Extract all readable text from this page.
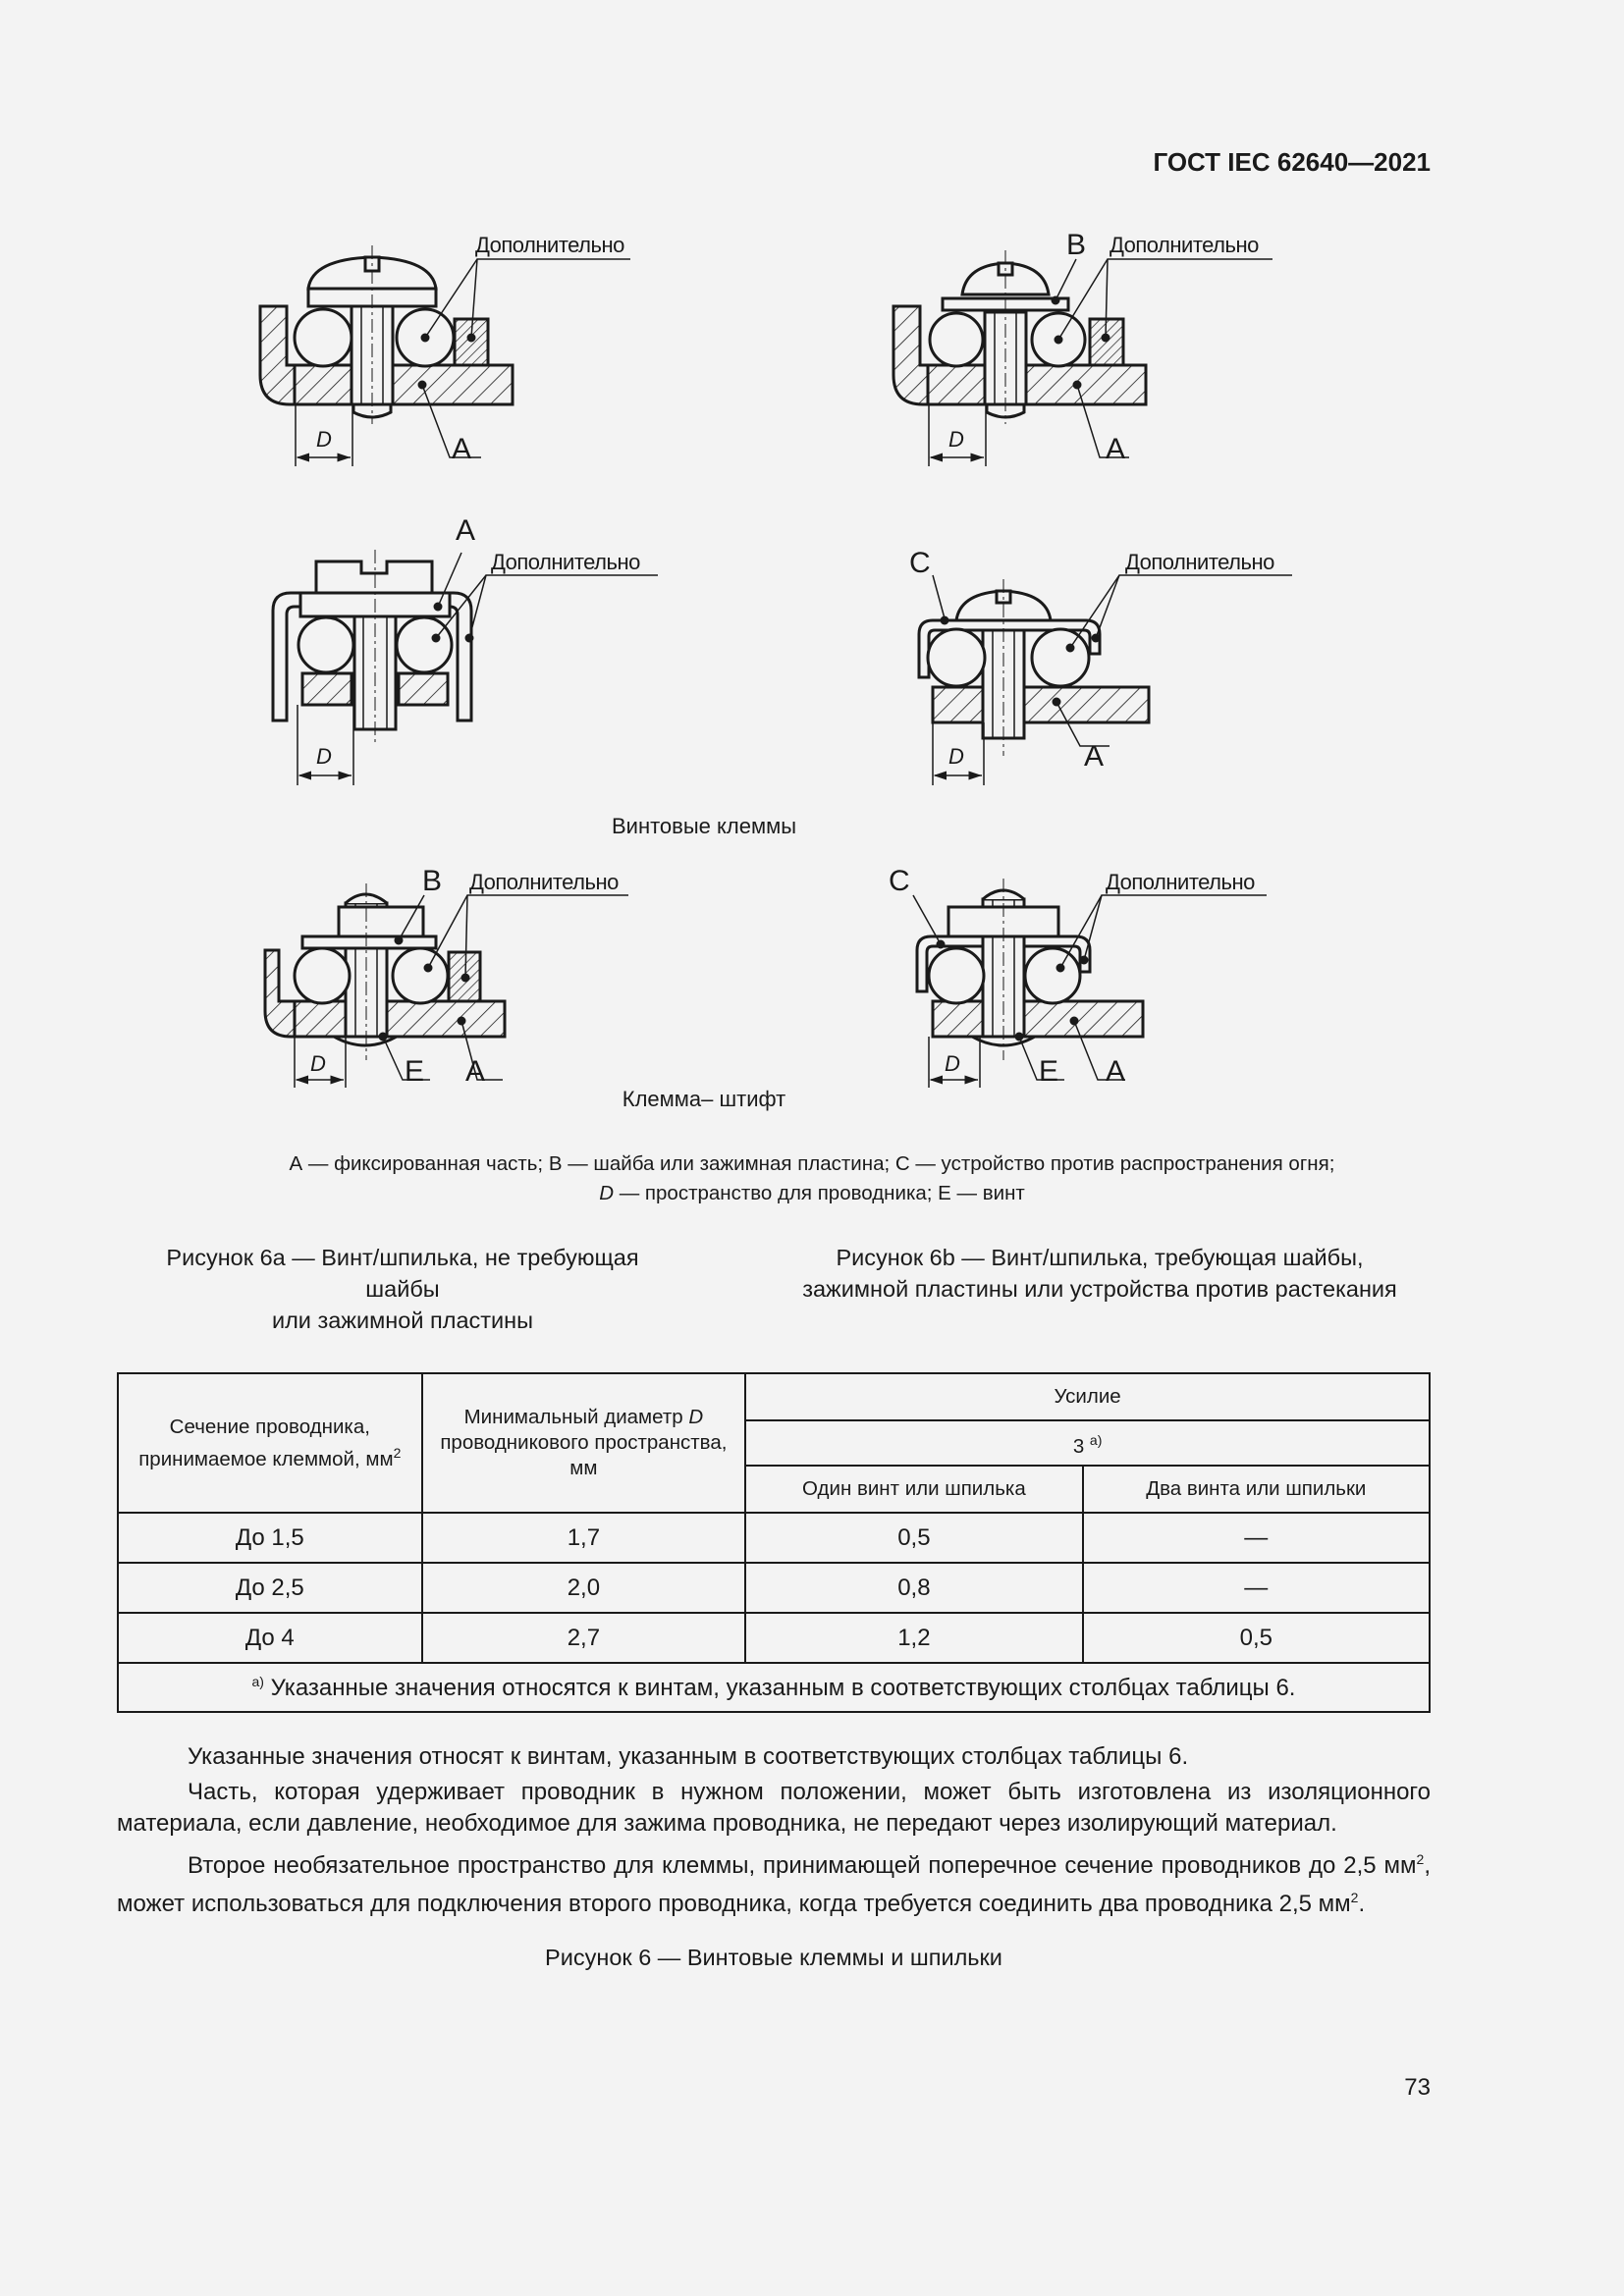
ГОСТ IEC 62640—2021
Дополнительно
A
D
B Дополнительно
A
D
A
Дополнительно
D
C	Дополнительно
A
D
B Дополнительно
E A
D
C	Дополнительно
E A
D
Винтовые клеммы
Клемма– штифт
А — фиксированная часть; В — шайба или зажимная пластина; С — устройство против распространения огня;
D — пространство для проводника; Е — винт
Рисунок 6a — Винт/шпилька, не требующая шайбы
или зажимной пластины
Рисунок 6b — Винт/шпилька, требующая шайбы,
зажимной пластины или устройства против растекания
Сечение проводника, принимаемое клеммой, $мм^2$	Минимальный диаметр D проводникового пространства, мм	Усилие	
		3 $^{а)}$
		Один винт или шпилька	Два винта или шпильки
До 1,5	1,7	0,5	—
До 2,5	2,0	0,8	—
До 4	2,7	1,2	0,5
$^{а)}$ Указанные значения относятся к винтам, указанным в соответствующих столбцах таблицы 6.			
Указанные значения относят к винтам, указанным в соответствующих столбцах таблицы 6.
Часть, которая удерживает проводник в нужном положении, может быть изготовлена из изоляционного материала, если давление, необходимое для зажима проводника, не передают через изолирующий материал.
Второе необязательное пространство для клеммы, принимающей поперечное сечение проводников до 2,5 $мм^2$, может использоваться для подключения второго проводника, когда требуется соединить два проводника 2,5 $мм^2$.
Рисунок 6 — Винтовые клеммы и шпильки
73
